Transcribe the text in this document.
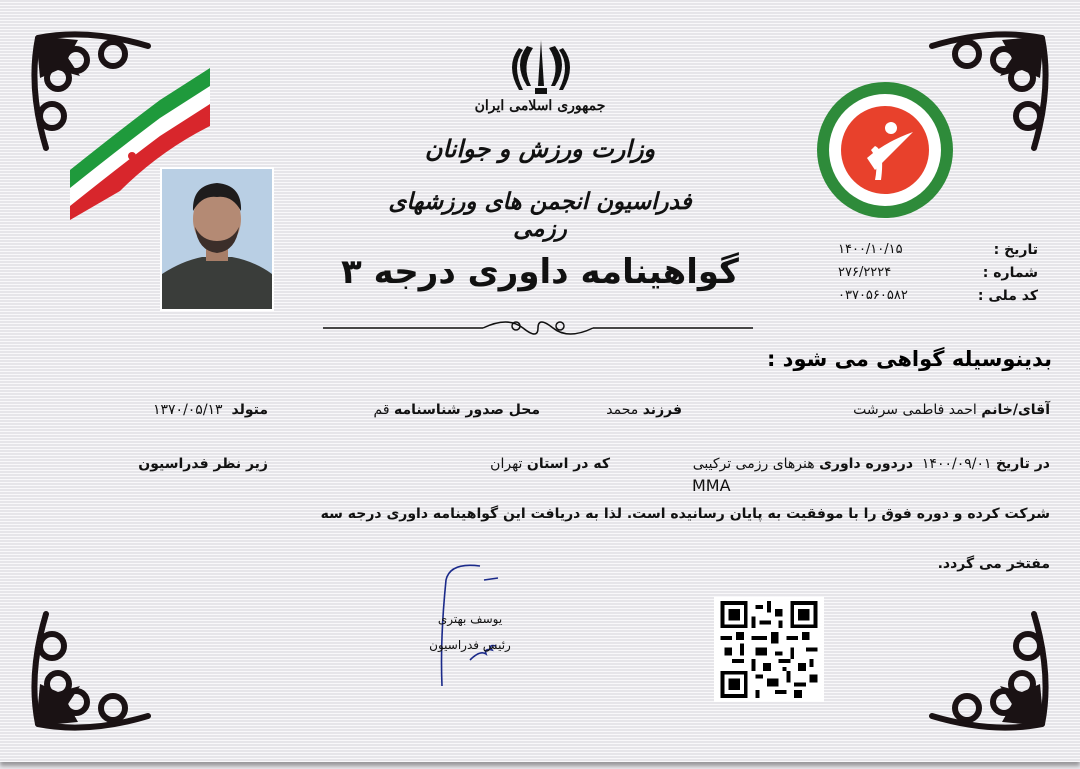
جمهوری اسلامی ایران
وزارت ورزش و جوانان
فدراسیون انجمن های ورزشهای رزمی
گواهینامه داوری درجه ۳
تاریخ :
۱۴۰۰/۱۰/۱۵
شماره :
۲۷۶/۲۲۲۴
کد ملی :
۰۳۷۰۵۶۰۵۸۲
بدینوسیله گواهی می شود :
آقای/خانم احمد فاطمی سرشت
فرزند محمد
محل صدور شناسنامه قم
متولد  ۱۳۷۰/۰۵/۱۳
در تاریخ ۱۴۰۰/۰۹/۰۱  دردوره داوری هنرهای رزمی ترکیبی
MMA
که در استان تهران
زیر نظر فدراسیون
شرکت کرده و دوره فوق را با موفقیت به پایان رسانیده است. لذا به دریافت این گواهینامه داوری درجه سه
مفتخر می گردد.
یوسف بهتری
رئیس فدراسیون
